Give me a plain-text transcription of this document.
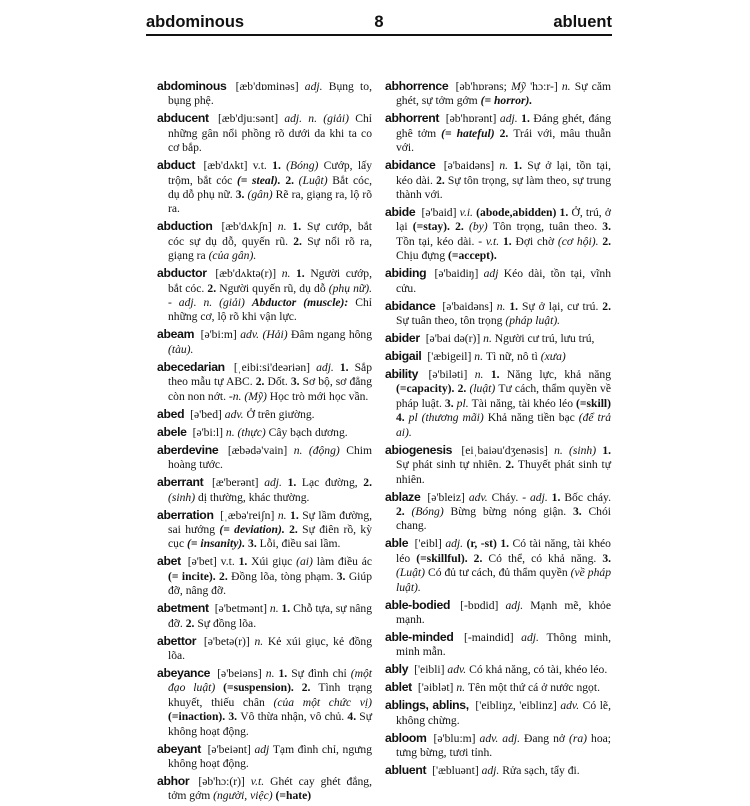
abdominous	8	abluent
abdominous [æb'dɒminəs] adj. Bụng to, bụng phệ.
abducent [æb'dju:sənt] adj. n. (giải) Chỉ những gân nổi phồng rõ dưới da khi ta co cơ bắp.
abduct [æb'dʌkt] v.t. 1. (Bóng) Cướp, lấy trộm, bắt cóc (= steal). 2. (Luật) Bắt cóc, dụ dỗ phụ nữ. 3. (gân) Rẽ ra, giạng ra, lộ rõ ra.
abduction [æb'dʌkʃn] n. 1. Sự cướp, bắt cóc sự dụ dỗ, quyến rũ. 2. Sự nổi rõ ra, giạng ra (của gân).
abductor [æb'dʌktə(r)] n. 1. Người cướp, bắt cóc. 2. Người quyến rũ, dụ dỗ (phụ nữ). - adj. n. (giải) Abductor (muscle): Chỉ những cơ, lộ rõ khi vận lực.
abeam [ə'bi:m] adv. (Hải) Đâm ngang hông (tàu).
abecedarian [ˌeibi:si'deəriən] adj. 1. Sắp theo mẫu tự ABC. 2. Dốt. 3. Sơ bộ, sơ đẳng còn non nớt. -n. (Mỹ) Học trò mới học vần.
abed [ə'bed] adv. Ở trên giường.
abele [ə'bi:l] n. (thực) Cây bạch dương.
aberdevine [æbədə'vain] n. (động) Chim hoàng tước.
aberrant [æ'berənt] adj. 1. Lạc đường, 2. (sinh) dị thường, khác thường.
aberration [ˌæbə'reiʃn] n. 1. Sự lầm đường, sai hướng (= deviation). 2. Sự điên rồ, kỳ cục (= insanity). 3. Lỗi, điều sai lầm.
abet [ə'bet] v.t. 1. Xúi giục (ai) làm điều ác (= incite). 2. Đồng lõa, tòng phạm. 3. Giúp đỡ, nâng đỡ.
abetment [ə'betmənt] n. 1. Chỗ tựa, sự nâng đỡ. 2. Sự đồng lõa.
abettor [ə'betə(r)] n. Kẻ xúi giục, kẻ đồng lõa.
abeyance [ə'beiəns] n. 1. Sự đình chỉ (một đạo luật) (=suspension). 2. Tình trạng khuyết, thiếu chân (của một chức vị) (=inaction). 3. Vô thừa nhận, vô chủ. 4. Sự không hoạt động.
abeyant [ə'beiənt] adj Tạm đình chỉ, ngưng không hoạt động.
abhor [əb'hɔ:(r)] v.t. Ghét cay ghét đắng, tởm gớm (người, việc) (=hate)
abhorrence [əb'hɒrəns; Mỹ 'hɔ:r-] n. Sự căm ghét, sự tởm gớm (= horror).
abhorrent [əb'hɒrənt] adj. 1. Đáng ghét, đáng ghê tởm (= hateful) 2. Trái với, mâu thuẫn với.
abidance [ə'baidəns] n. 1. Sự ở lại, tồn tại, kéo dài. 2. Sự tôn trọng, sự làm theo, sự trung thành với.
abide [ə'baid] v.i. (abode,abidden) 1. Ở, trú, ở lại (=stay). 2. (by) Tôn trọng, tuân theo. 3. Tồn tại, kéo dài. - v.t. 1. Đợi chờ (cơ hội). 2. Chịu đựng (=accept).
abiding [ə'baidiŋ] adj Kéo dài, tồn tại, vĩnh cửu.
abidance [ə'baidəns] n. 1. Sự ở lại, cư trú. 2. Sự tuân theo, tôn trọng (pháp luật).
abider [ə'bai də(r)] n. Người cư trú, lưu trú,
abigail ['æbigeil] n. Tì nữ, nô tì (xưa)
ability [ə'biləti] n. 1. Năng lực, khả năng (=capacity). 2. (luật) Tư cách, thẩm quyền về pháp luật. 3. pl. Tài năng, tài khéo léo (=skill) 4. pl (thương mãi) Khả năng tiền bạc (để trả ai).
abiogenesis [eiˌbaiəu'dʒenəsis] n. (sinh) 1. Sự phát sinh tự nhiên. 2. Thuyết phát sinh tự nhiên.
ablaze [ə'bleiz] adv. Cháy. - adj. 1. Bốc cháy. 2. (Bóng) Bừng bừng nóng giận. 3. Chói chang.
able ['eibl] adj. (r, -st) 1. Có tài năng, tài khéo léo (=skillful). 2. Có thể, có khả năng. 3. (Luật) Có đủ tư cách, đủ thẩm quyền (về pháp luật).
able-bodied [-bɒdid] adj. Mạnh mẽ, khỏe mạnh.
able-minded [-maindid] adj. Thông minh, minh mẫn.
ably ['eibli] adv. Có khả năng, có tài, khéo léo.
ablet ['əiblət] n. Tên một thứ cá ở nước ngọt.
ablings, ablins, ['eibliŋz, 'eiblinz] adv. Có lẽ, không chừng.
abloom [ə'blu:m] adv. adj. Đang nở (ra) hoa; tưng bừng, tươi tỉnh.
abluent ['æbluənt] adj. Rửa sạch, tẩy đi.
